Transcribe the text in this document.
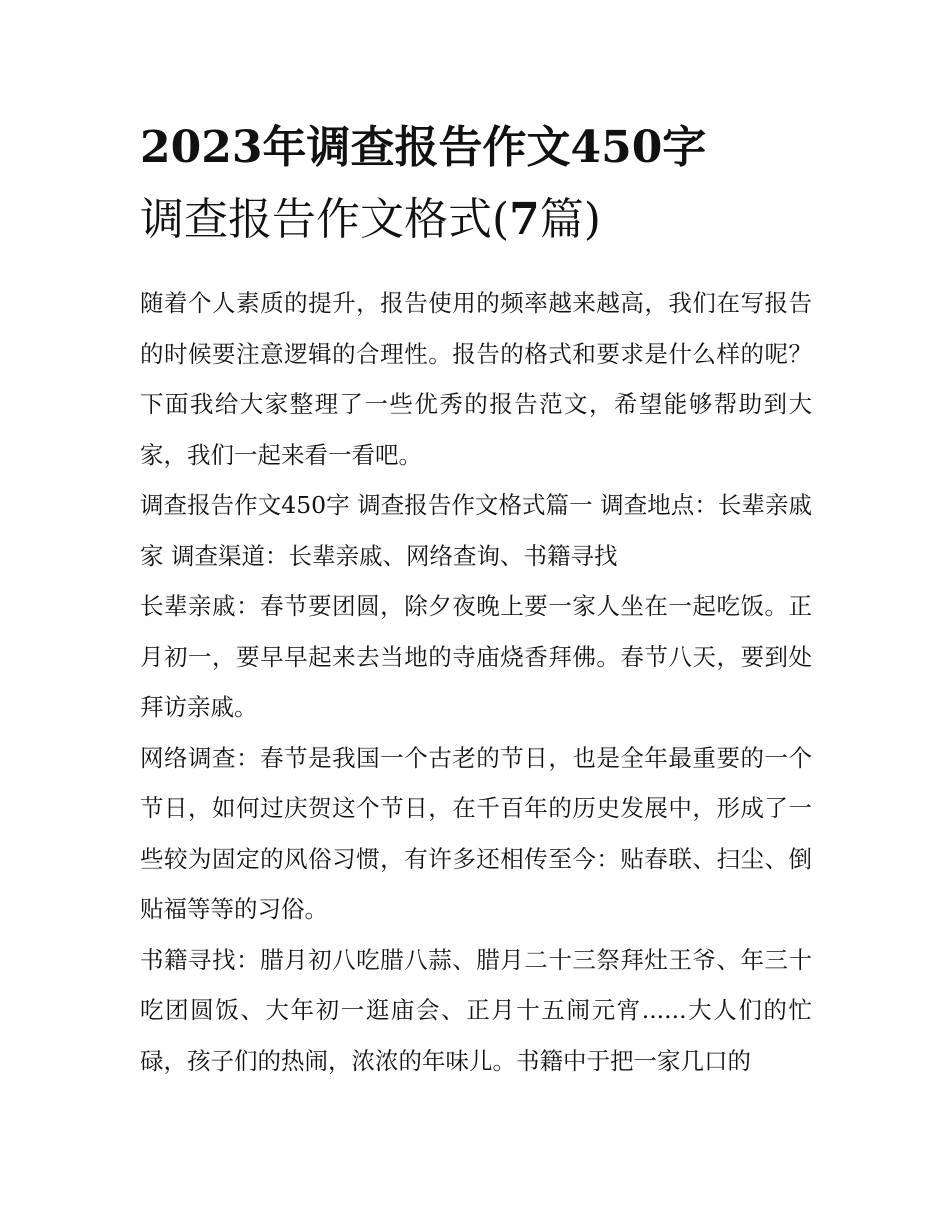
2023年调查报告作文450字
调查报告作文格式(7篇)

随着个人素质的提升，报告使用的频率越来越高，我们在写报告的时候要注意逻辑的合理性。报告的格式和要求是什么样的呢？下面我给大家整理了一些优秀的报告范文，希望能够帮助到大家，我们一起来看一看吧。

调查报告作文450字 调查报告作文格式篇一 调查地点：长辈亲戚家 调查渠道：长辈亲戚、网络查询、书籍寻找

长辈亲戚：春节要团圆，除夕夜晚上要一家人坐在一起吃饭。正月初一，要早早起来去当地的寺庙烧香拜佛。春节八天，要到处拜访亲戚。

网络调查：春节是我国一个古老的节日，也是全年最重要的一个节日，如何过庆贺这个节日，在千百年的历史发展中，形成了一些较为固定的风俗习惯，有许多还相传至今：贴春联、扫尘、倒贴福等等的习俗。

书籍寻找：腊月初八吃腊八蒜、腊月二十三祭拜灶王爷、年三十吃团圆饭、大年初一逛庙会、正月十五闹元宵......大人们的忙碌，孩子们的热闹，浓浓的年味儿。书籍中于把一家几口的
